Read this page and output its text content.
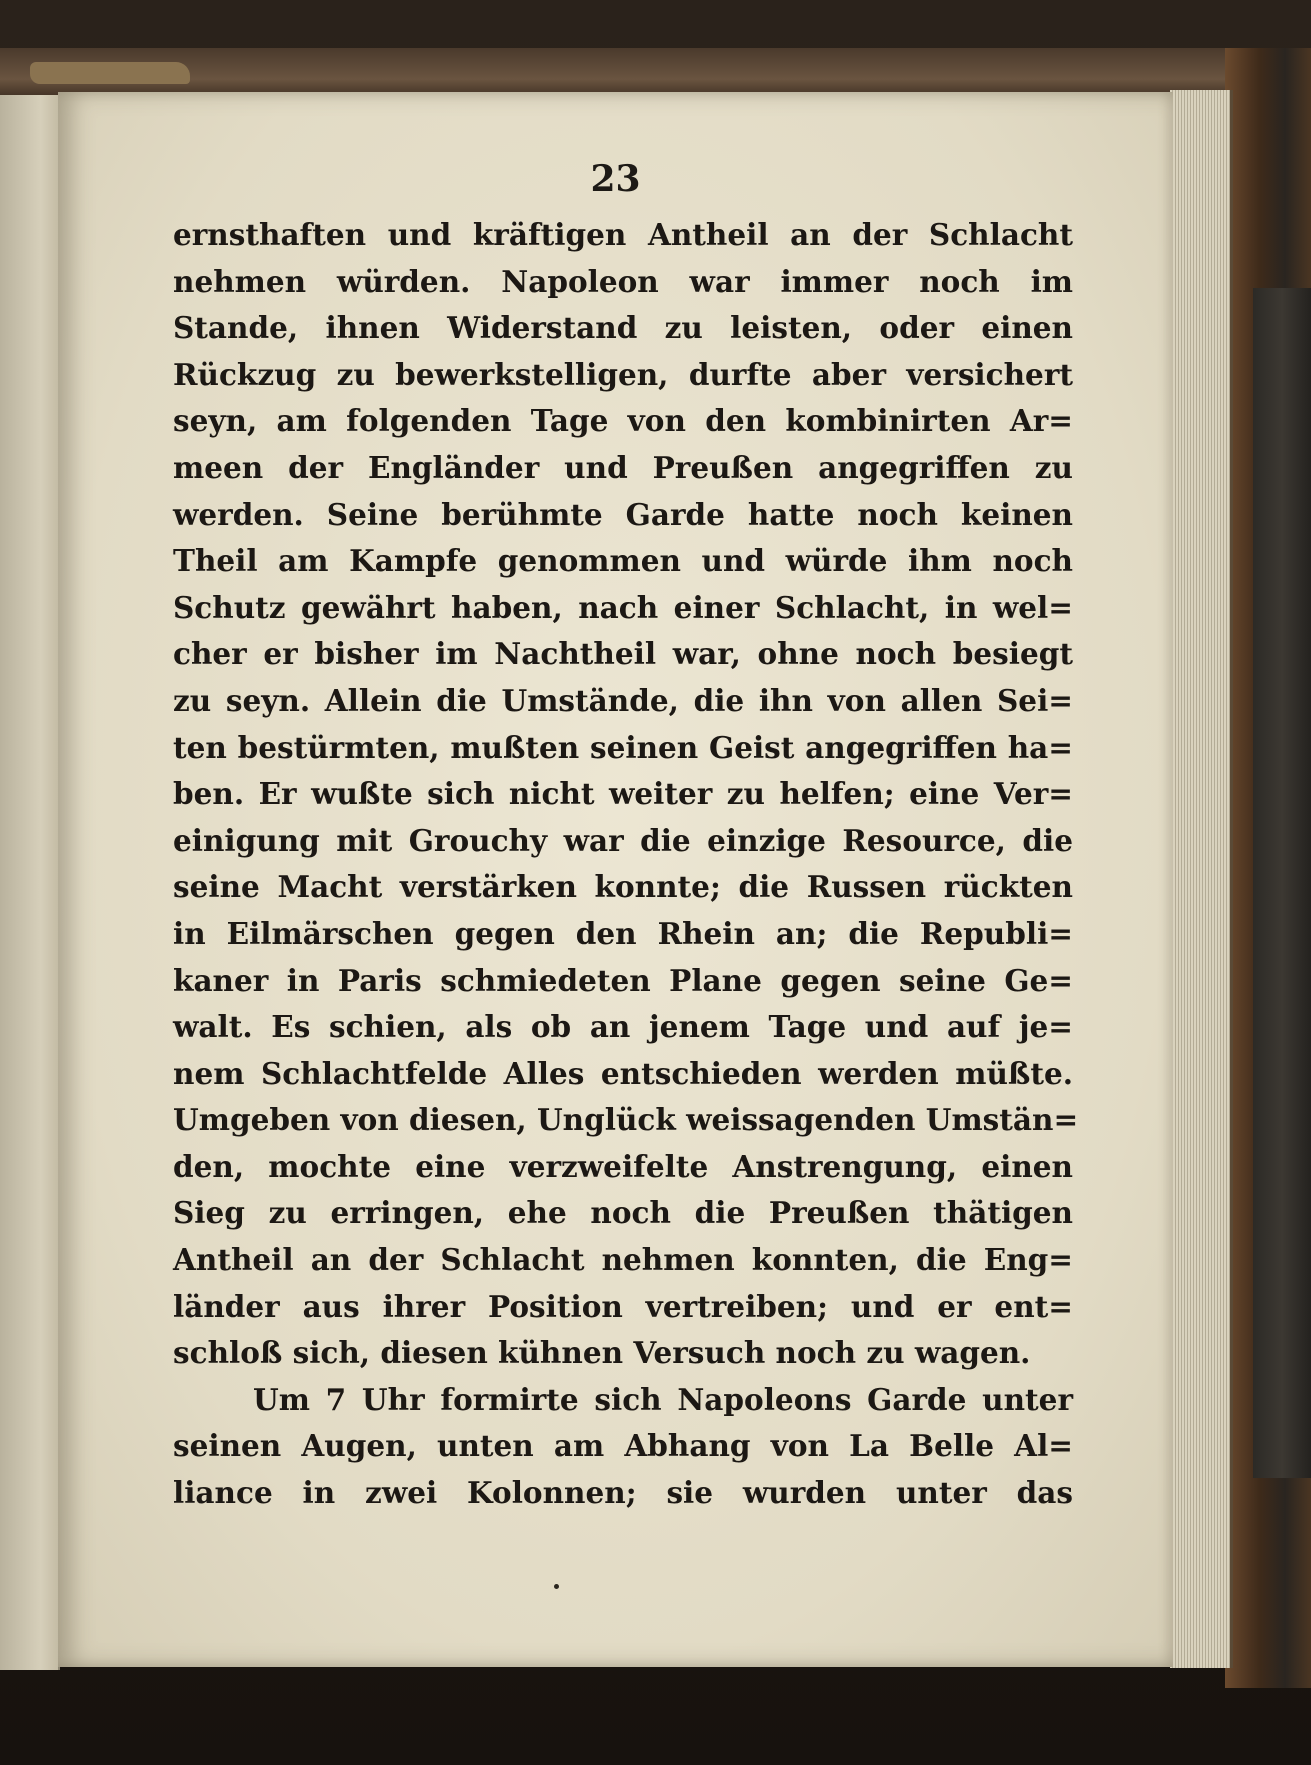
23
ernsthaften und kräftigen Antheil an der Schlacht
nehmen würden. Napoleon war immer noch im
Stande, ihnen Widerstand zu leisten, oder einen
Rückzug zu bewerkstelligen, durfte aber versichert
seyn, am folgenden Tage von den kombinirten Ar=
meen der Engländer und Preußen angegriffen zu
werden. Seine berühmte Garde hatte noch keinen
Theil am Kampfe genommen und würde ihm noch
Schutz gewährt haben, nach einer Schlacht, in wel=
cher er bisher im Nachtheil war, ohne noch besiegt
zu seyn. Allein die Umstände, die ihn von allen Sei=
ten bestürmten, mußten seinen Geist angegriffen ha=
ben. Er wußte sich nicht weiter zu helfen; eine Ver=
einigung mit Grouchy war die einzige Resource, die
seine Macht verstärken konnte; die Russen rückten
in Eilmärschen gegen den Rhein an; die Republi=
kaner in Paris schmiedeten Plane gegen seine Ge=
walt. Es schien, als ob an jenem Tage und auf je=
nem Schlachtfelde Alles entschieden werden müßte.
Umgeben von diesen, Unglück weissagenden Umstän=
den, mochte eine verzweifelte Anstrengung, einen
Sieg zu erringen, ehe noch die Preußen thätigen
Antheil an der Schlacht nehmen konnten, die Eng=
länder aus ihrer Position vertreiben; und er ent=
schloß sich, diesen kühnen Versuch noch zu wagen.
Um 7 Uhr formirte sich Napoleons Garde unter
seinen Augen, unten am Abhang von La Belle Al=
liance in zwei Kolonnen; sie wurden unter das
